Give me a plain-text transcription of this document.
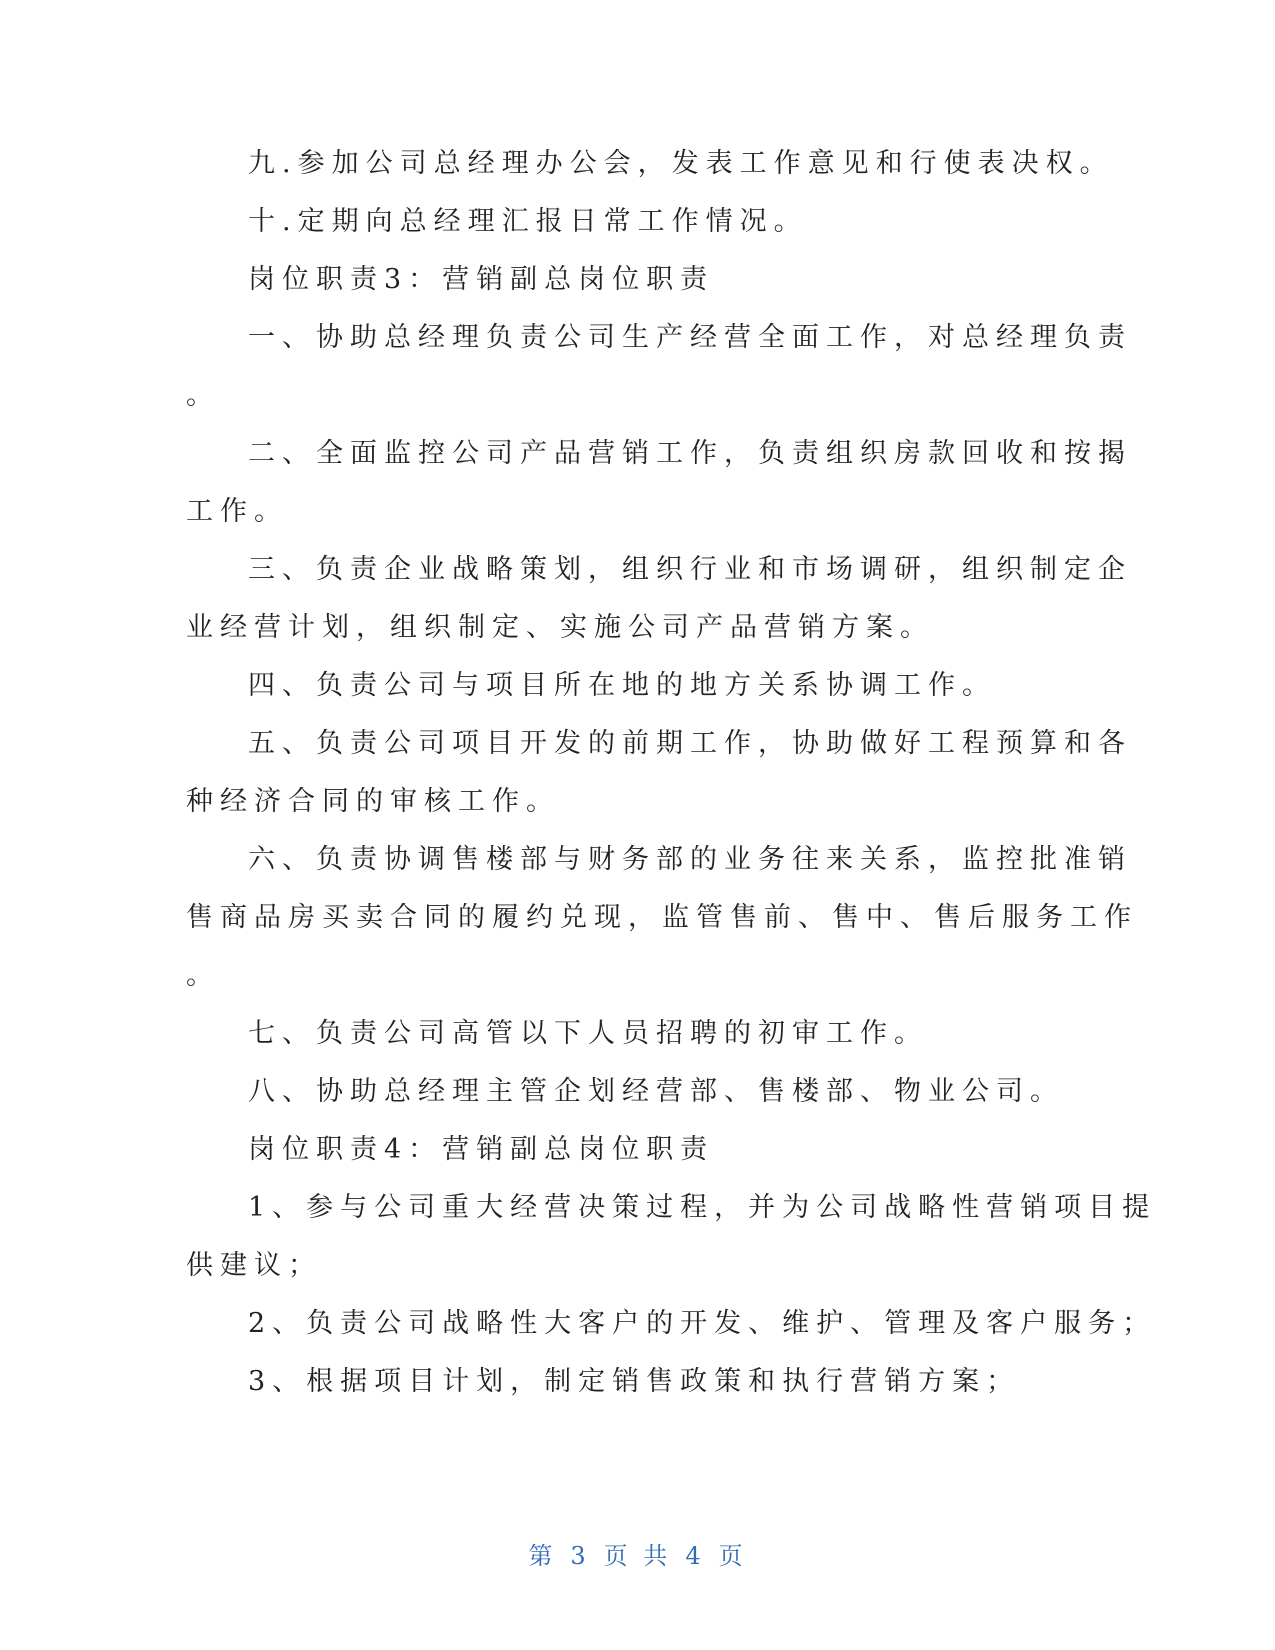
九.参加公司总经理办公会，发表工作意见和行使表决权。
十.定期向总经理汇报日常工作情况。
岗位职责3：营销副总岗位职责
一、协助总经理负责公司生产经营全面工作，对总经理负责
。
二、全面监控公司产品营销工作，负责组织房款回收和按揭
工作。
三、负责企业战略策划，组织行业和市场调研，组织制定企
业经营计划，组织制定、实施公司产品营销方案。
四、负责公司与项目所在地的地方关系协调工作。
五、负责公司项目开发的前期工作，协助做好工程预算和各
种经济合同的审核工作。
六、负责协调售楼部与财务部的业务往来关系，监控批准销
售商品房买卖合同的履约兑现，监管售前、售中、售后服务工作
。
七、负责公司高管以下人员招聘的初审工作。
八、协助总经理主管企划经营部、售楼部、物业公司。
岗位职责4：营销副总岗位职责
1、参与公司重大经营决策过程，并为公司战略性营销项目提
供建议；
2、负责公司战略性大客户的开发、维护、管理及客户服务；
3、根据项目计划，制定销售政策和执行营销方案；
第 3 页 共 4 页
